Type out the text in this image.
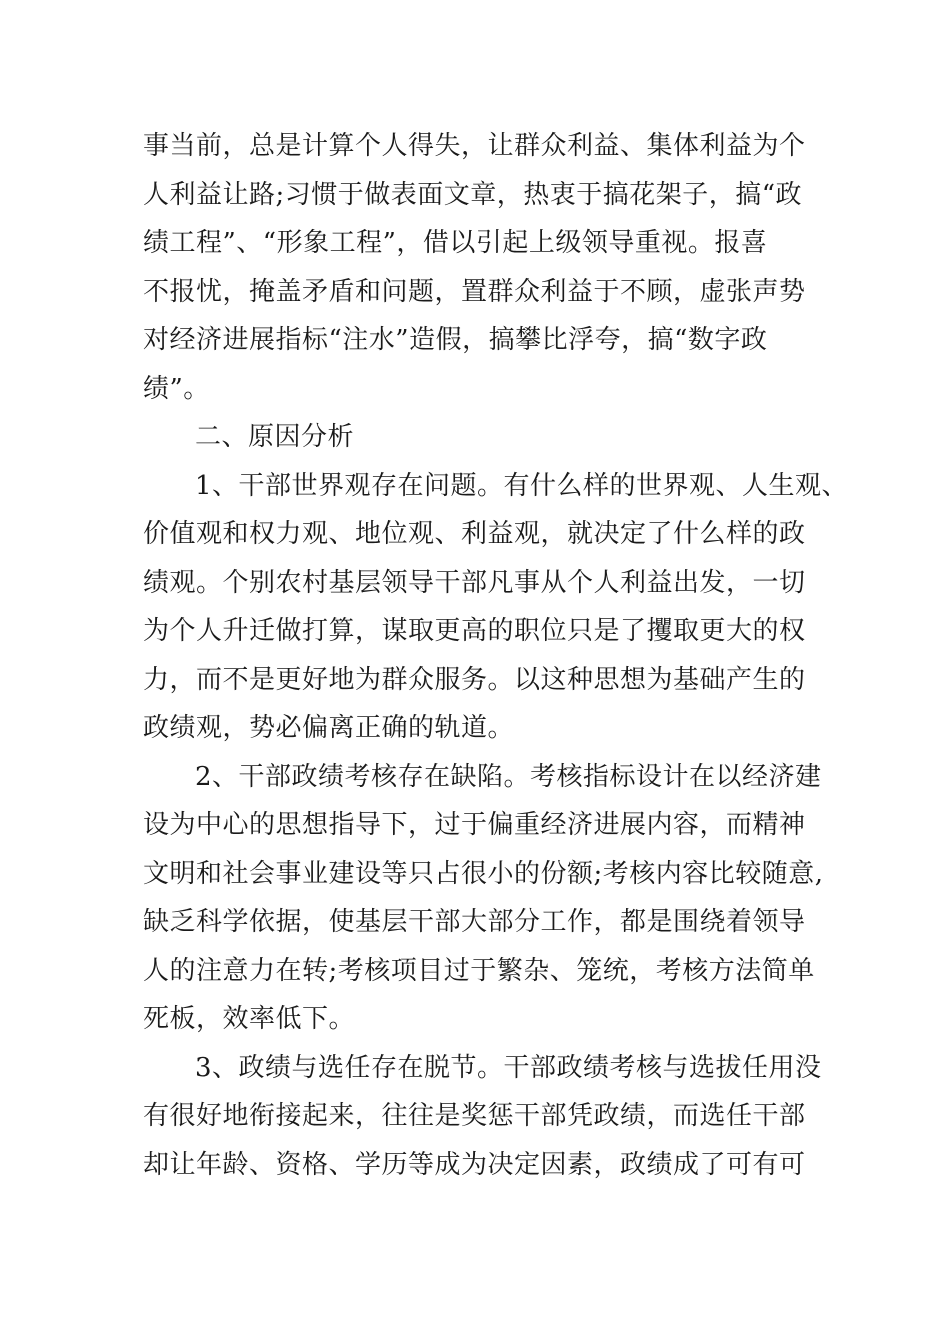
事当前，总是计算个人得失，让群众利益、集体利益为个
人利益让路;习惯于做表面文章，热衷于搞花架子，搞“政
绩工程”、“形象工程”，借以引起上级领导重视。报喜
不报忧，掩盖矛盾和问题，置群众利益于不顾，虚张声势
对经济进展指标“注水”造假，搞攀比浮夸，搞“数字政
绩”。
二、原因分析
1、干部世界观存在问题。有什么样的世界观、人生观、
价值观和权力观、地位观、利益观，就决定了什么样的政
绩观。个别农村基层领导干部凡事从个人利益出发，一切
为个人升迁做打算，谋取更高的职位只是了攫取更大的权
力，而不是更好地为群众服务。以这种思想为基础产生的
政绩观，势必偏离正确的轨道。
2、干部政绩考核存在缺陷。考核指标设计在以经济建
设为中心的思想指导下，过于偏重经济进展内容，而精神
文明和社会事业建设等只占很小的份额;考核内容比较随意,
缺乏科学依据，使基层干部大部分工作，都是围绕着领导
人的注意力在转;考核项目过于繁杂、笼统，考核方法简单
死板，效率低下。
3、政绩与选任存在脱节。干部政绩考核与选拔任用没
有很好地衔接起来，往往是奖惩干部凭政绩，而选任干部
却让年龄、资格、学历等成为决定因素，政绩成了可有可
